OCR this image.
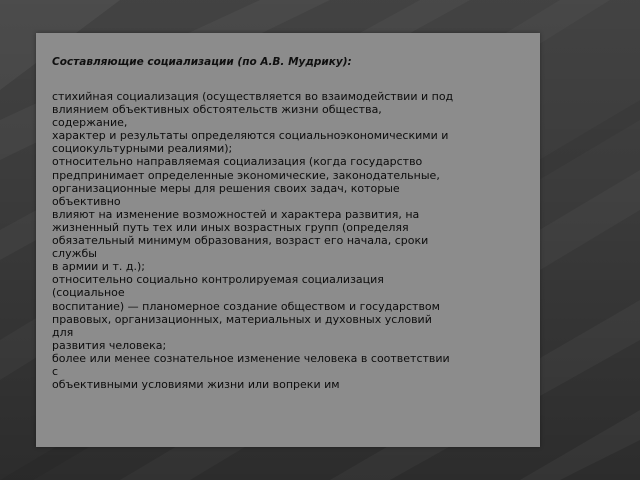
Составляющие социализации (по А.В. Мудрику):
стихийная социализация (осуществляется во взаимодействии и под
влиянием объективных обстоятельств жизни общества,
содержание,
характер и результаты определяются социальноэкономическими и
социокультурными реалиями);
относительно направляемая социализация (когда государство
предпринимает определенные экономические, законодательные,
организационные меры для решения своих задач, которые
объективно
влияют на изменение возможностей и характера развития, на
жизненный путь тех или иных возрастных групп (определяя
обязательный минимум образования, возраст его начала, сроки
службы
в армии и т. д.);
относительно социально контролируемая социализация
(социальное
воспитание) — планомерное создание обществом и государством
правовых, организационных, материальных и духовных условий
для
развития человека;
более или менее сознательное изменение человека в соответствии
с
объективными условиями жизни или вопреки им
